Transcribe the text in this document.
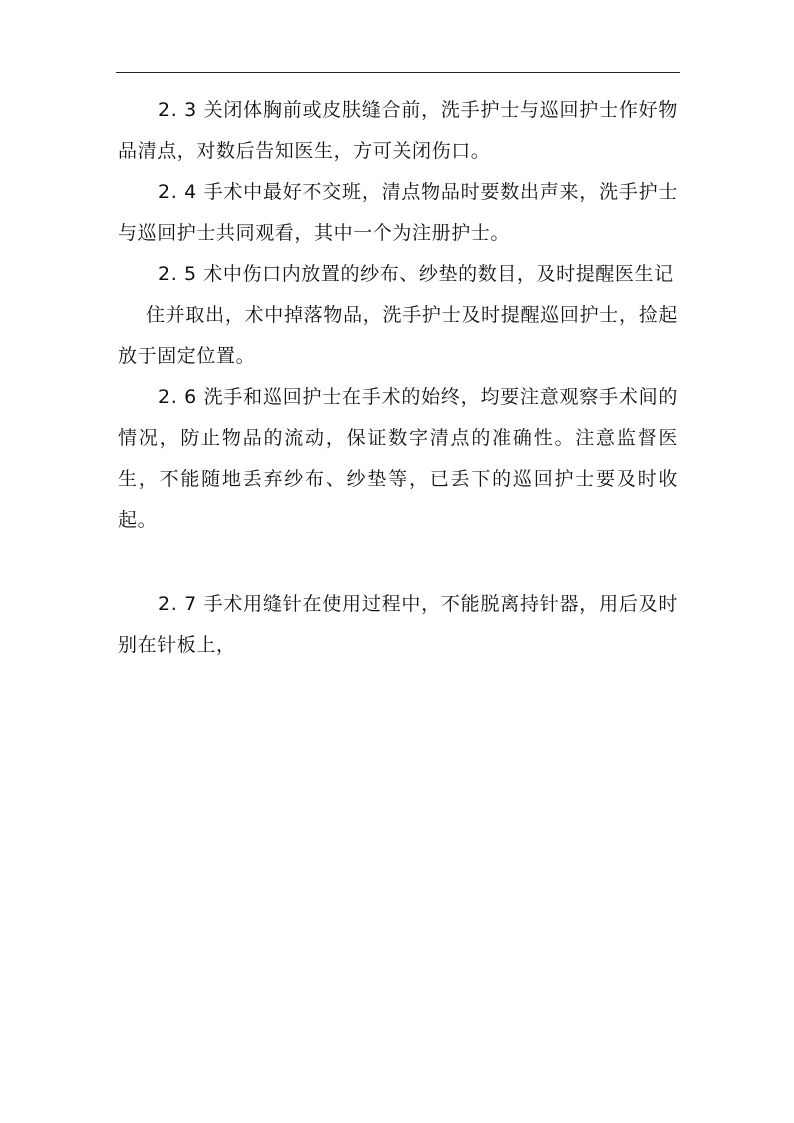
2. 3 关闭体胸前或皮肤缝合前，洗手护士与巡回护士作好物品清点，对数后告知医生，方可关闭伤口。

2. 4 手术中最好不交班，清点物品时要数出声来，洗手护士与巡回护士共同观看，其中一个为注册护士。

2. 5 术中伤口内放置的纱布、纱垫的数目，及时提醒医生记

住并取出，术中掉落物品，洗手护士及时提醒巡回护士，捡起放于固定位置。

2. 6 洗手和巡回护士在手术的始终，均要注意观察手术间的情况，防止物品的流动，保证数字清点的准确性。注意监督医生，不能随地丢弃纱布、纱垫等，已丢下的巡回护士要及时收起。

2. 7 手术用缝针在使用过程中，不能脱离持针器，用后及时别在针板上，
